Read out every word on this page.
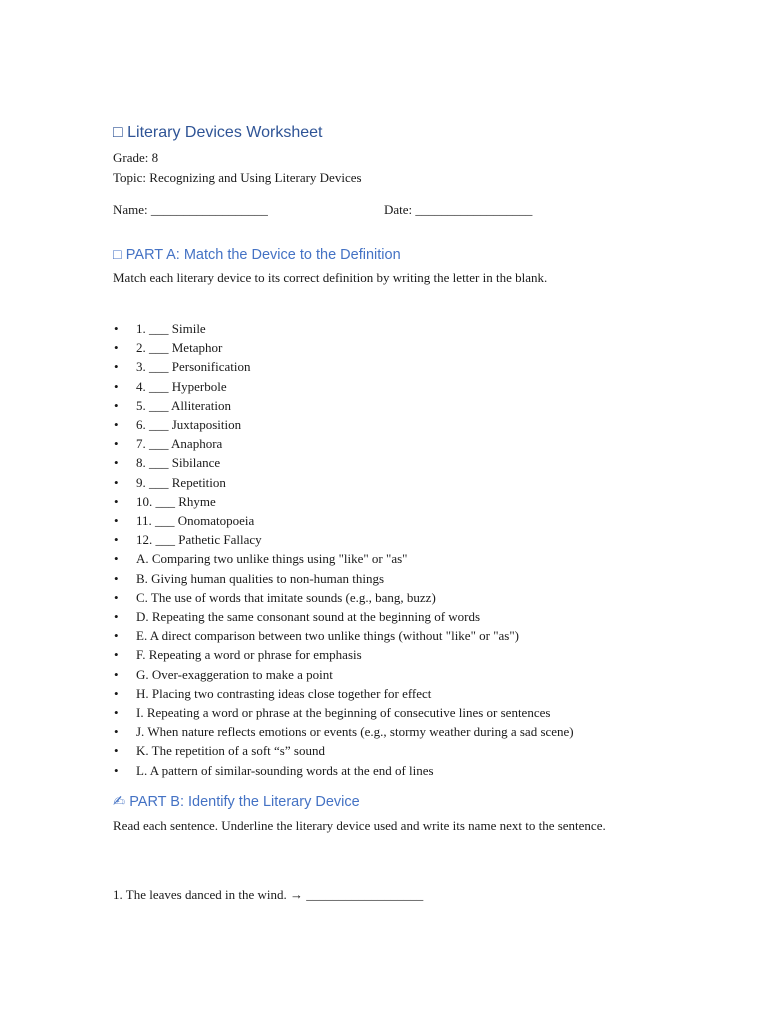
□ Literary Devices Worksheet
Grade: 8
Topic: Recognizing and Using Literary Devices
Name: __________________	Date: __________________
□ PART A: Match the Device to the Definition
Match each literary device to its correct definition by writing the letter in the blank.
• 1. ___ Simile
• 2. ___ Metaphor
• 3. ___ Personification
• 4. ___ Hyperbole
• 5. ___ Alliteration
• 6. ___ Juxtaposition
• 7. ___ Anaphora
• 8. ___ Sibilance
• 9. ___ Repetition
• 10. ___ Rhyme
• 11. ___ Onomatopoeia
• 12. ___ Pathetic Fallacy
• A. Comparing two unlike things using "like" or "as"
• B. Giving human qualities to non-human things
• C. The use of words that imitate sounds (e.g., bang, buzz)
• D. Repeating the same consonant sound at the beginning of words
• E. A direct comparison between two unlike things (without "like" or "as")
• F. Repeating a word or phrase for emphasis
• G. Over-exaggeration to make a point
• H. Placing two contrasting ideas close together for effect
• I. Repeating a word or phrase at the beginning of consecutive lines or sentences
• J. When nature reflects emotions or events (e.g., stormy weather during a sad scene)
• K. The repetition of a soft “s” sound
• L. A pattern of similar-sounding words at the end of lines
✍ PART B: Identify the Literary Device
Read each sentence. Underline the literary device used and write its name next to the sentence.
1. The leaves danced in the wind. → __________________
